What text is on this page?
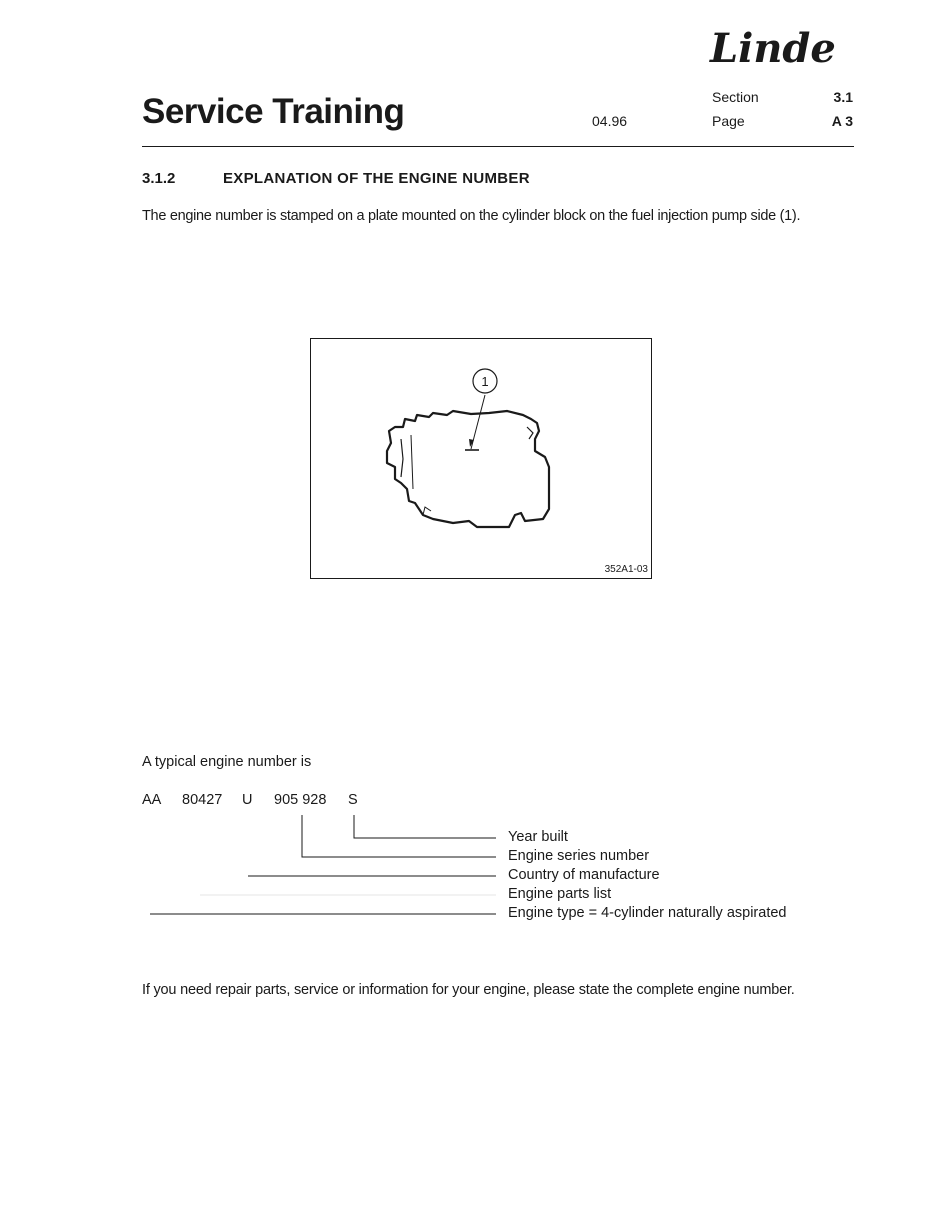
Linde
Service Training	04.96
Section	3.1
Page	A 3
3.1.2	EXPLANATION OF THE ENGINE NUMBER
The engine number is stamped on a plate mounted on the cylinder block on the fuel injection pump side (1).
1
352A1-03
A typical engine number is
AA 80427 U 905 928 S
Year built
Engine series number
Country of manufacture
Engine parts list
Engine type = 4-cylinder naturally aspirated
If you need repair parts, service or information for your engine, please state the complete engine number.
